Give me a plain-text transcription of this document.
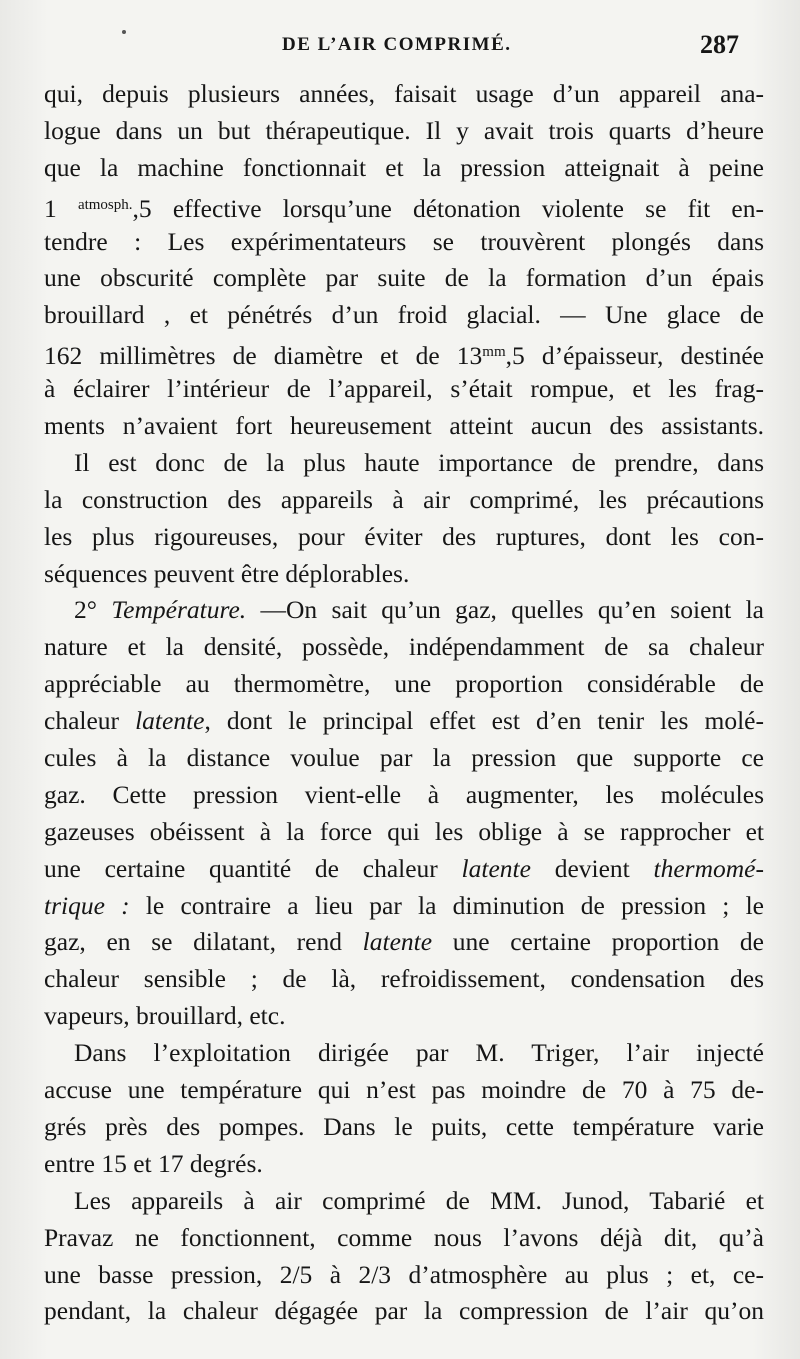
DE L’AIR COMPRIMÉ.	287
qui, depuis plusieurs années, faisait usage d’un appareil ana-
logue dans un but thérapeutique. Il y avait trois quarts d’heure
que la machine fonctionnait et la pression atteignait à peine
1 $^{atmosph.}$,5 effective lorsqu’une détonation violente se fit en-
tendre : Les expérimentateurs se trouvèrent plongés dans
une obscurité complète par suite de la formation d’un épais
brouillard , et pénétrés d’un froid glacial. — Une glace de
162 millimètres de diamètre et de $13^{mm},5$ d’épaisseur, destinée
à éclairer l’intérieur de l’appareil, s’était rompue, et les frag-
ments n’avaient fort heureusement atteint aucun des assistants.
Il est donc de la plus haute importance de prendre, dans
la construction des appareils à air comprimé, les précautions
les plus rigoureuses, pour éviter des ruptures, dont les con-
séquences peuvent être déplorables.
2° Température. —On sait qu’un gaz, quelles qu’en soient la
nature et la densité, possède, indépendamment de sa chaleur
appréciable au thermomètre, une proportion considérable de
chaleur latente, dont le principal effet est d’en tenir les molé-
cules à la distance voulue par la pression que supporte ce
gaz. Cette pression vient-elle à augmenter, les molécules
gazeuses obéissent à la force qui les oblige à se rapprocher et
une certaine quantité de chaleur latente devient thermomé-
trique : le contraire a lieu par la diminution de pression ; le
gaz, en se dilatant, rend latente une certaine proportion de
chaleur sensible ; de là, refroidissement, condensation des
vapeurs, brouillard, etc.
Dans l’exploitation dirigée par M. Triger, l’air injecté
accuse une température qui n’est pas moindre de 70 à 75 de-
grés près des pompes. Dans le puits, cette température varie
entre 15 et 17 degrés.
Les appareils à air comprimé de MM. Junod, Tabarié et
Pravaz ne fonctionnent, comme nous l’avons déjà dit, qu’à
une basse pression, 2/5 à 2/3 d’atmosphère au plus ; et, ce-
pendant, la chaleur dégagée par la compression de l’air qu’on
